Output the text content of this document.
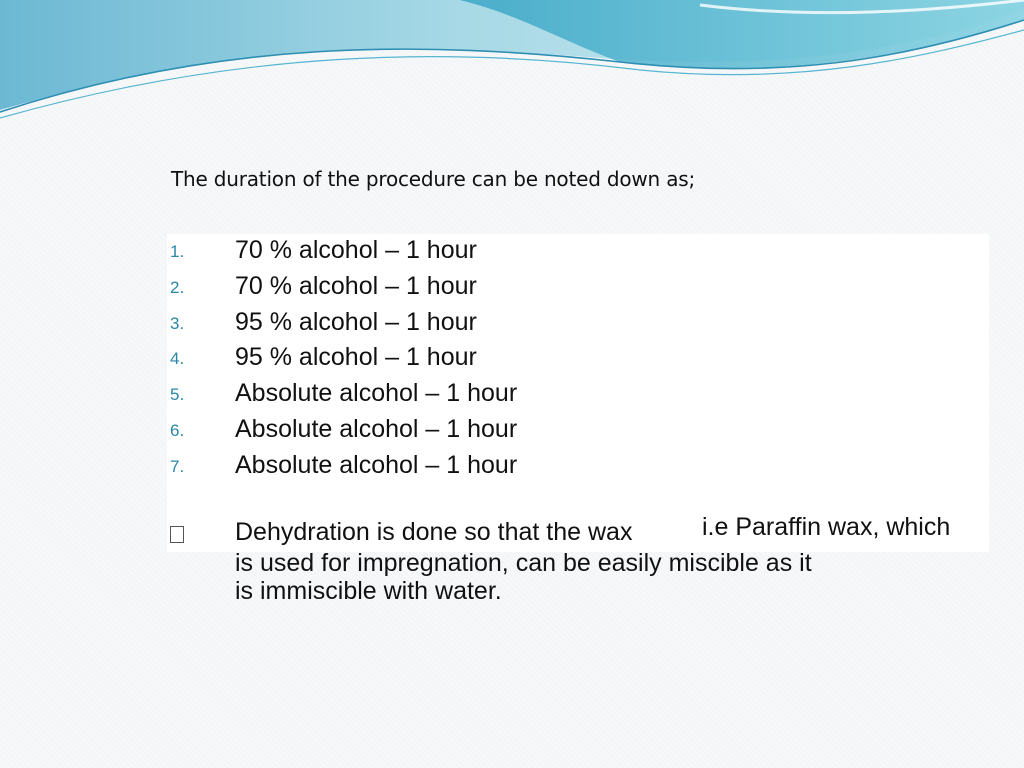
The duration of the procedure can be noted down as;
1. 70 % alcohol – 1 hour
2. 70 % alcohol – 1 hour
3. 95 % alcohol – 1 hour
4. 95 % alcohol – 1 hour
5. Absolute alcohol – 1 hour
6. Absolute alcohol – 1 hour
7. Absolute alcohol – 1 hour
Dehydration is done so that the wax	i.e Paraffin wax, which
is used for impregnation, can be easily miscible as it
is immiscible with water.
